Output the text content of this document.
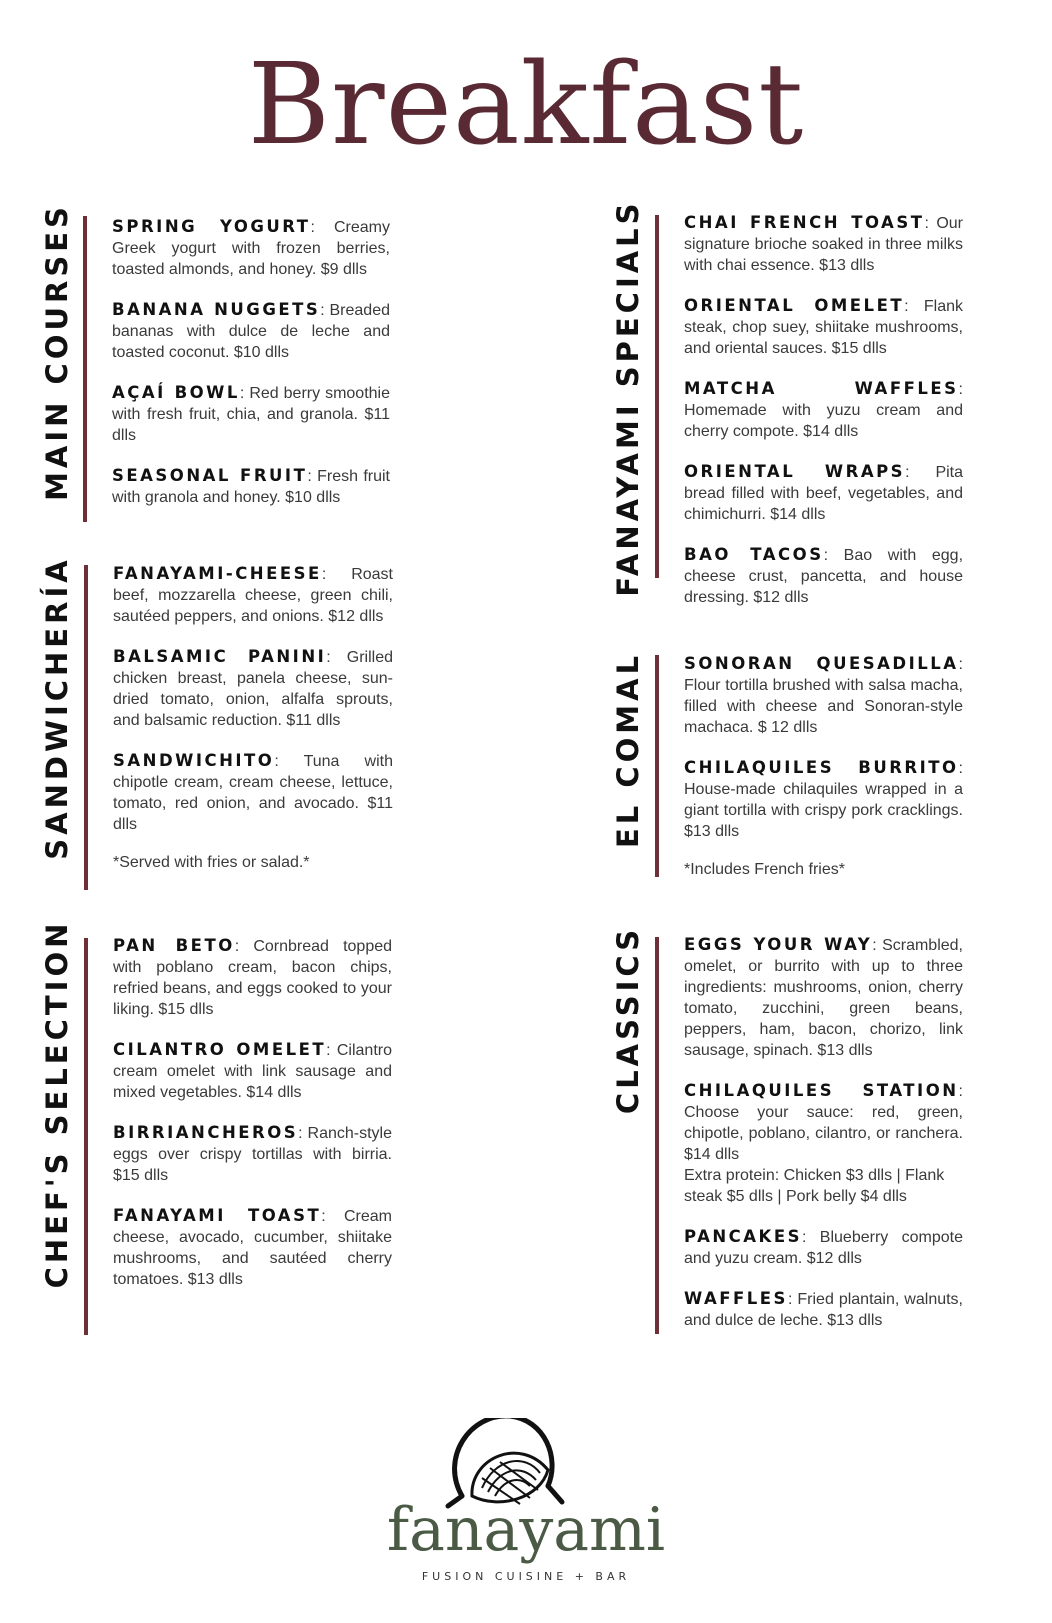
Breakfast
MAIN COURSES SPRING YOGURT: Creamy Greek yogurt with frozen berries, toasted almonds, and honey. $9 dlls
BANANA NUGGETS: Breaded bananas with dulce de leche and toasted coconut. $10 dlls
AÇAÍ BOWL: Red berry smoothie with fresh fruit, chia, and granola. $11 dlls
SEASONAL FRUIT: Fresh fruit with granola and honey. $10 dlls
SANDWICHERÍA FANAYAMI-CHEESE: Roast beef, mozzarella cheese, green chili, sautéed peppers, and onions. $12 dlls
BALSAMIC PANINI: Grilled chicken breast, panela cheese, sun-dried tomato, onion, alfalfa sprouts, and balsamic reduction. $11 dlls
SANDWICHITO: Tuna with chipotle cream, cream cheese, lettuce, tomato, red onion, and avocado. $11 dlls
*Served with fries or salad.*
CHEF'S SELECTION PAN BETO: Cornbread topped with poblano cream, bacon chips, refried beans, and eggs cooked to your liking. $15 dlls
CILANTRO OMELET: Cilantro cream omelet with link sausage and mixed vegetables. $14 dlls
BIRRIANCHEROS: Ranch-style eggs over crispy tortillas with birria. $15 dlls
FANAYAMI TOAST: Cream cheese, avocado, cucumber, shiitake mushrooms, and sautéed cherry tomatoes. $13 dlls
FANAYAMI SPECIALS CHAI FRENCH TOAST: Our signature brioche soaked in three milks with chai essence. $13 dlls
ORIENTAL OMELET: Flank steak, chop suey, shiitake mushrooms, and oriental sauces. $15 dlls
MATCHA WAFFLES: Homemade with yuzu cream and cherry compote. $14 dlls
ORIENTAL WRAPS: Pita bread filled with beef, vegetables, and chimichurri. $14 dlls
BAO TACOS: Bao with egg, cheese crust, pancetta, and house dressing. $12 dlls
EL COMAL SONORAN QUESADILLA: Flour tortilla brushed with salsa macha, filled with cheese and Sonoran-style machaca. $ 12 dlls
CHILAQUILES BURRITO: House-made chilaquiles wrapped in a giant tortilla with crispy pork cracklings. $13 dlls
*Includes French fries*
CLASSICS EGGS YOUR WAY: Scrambled, omelet, or burrito with up to three ingredients: mushrooms, onion, cherry tomato, zucchini, green beans, peppers, ham, bacon, chorizo, link sausage, spinach. $13 dlls
CHILAQUILES STATION: Choose your sauce: red, green, chipotle, poblano, cilantro, or ranchera. $14 dlls
Extra protein: Chicken $3 dlls | Flank steak $5 dlls | Pork belly $4 dlls
PANCAKES: Blueberry compote and yuzu cream. $12 dlls
WAFFLES: Fried plantain, walnuts, and dulce de leche. $13 dlls
fanayami
FUSION CUISINE + BAR
